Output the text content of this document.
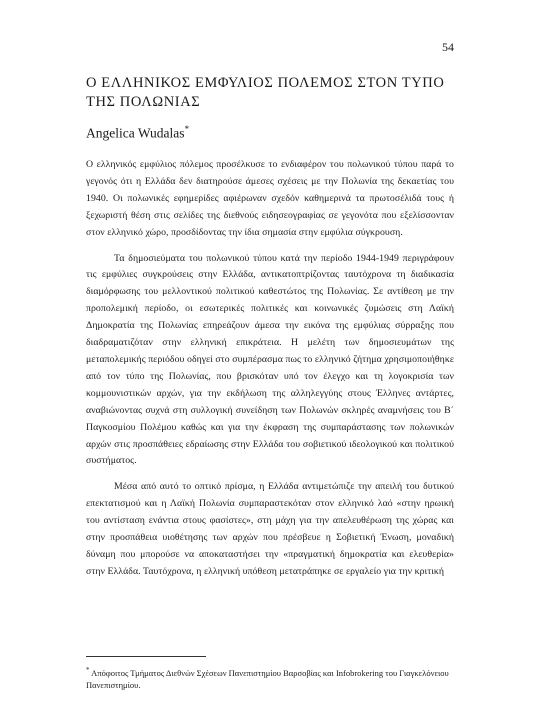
54
Ο ΕΛΛΗΝΙΚΟΣ ΕΜΦΥΛΙΟΣ ΠΟΛΕΜΟΣ ΣΤΟΝ ΤΥΠΟ ΤΗΣ ΠΟΛΩΝΙΑΣ
Angelica Wudalas*

Ο ελληνικός εμφύλιος πόλεμος προσέλκυσε το ενδιαφέρον του πολωνικού τύπου παρά το γεγονός ότι η Ελλάδα δεν διατηρούσε άμεσες σχέσεις με την Πολωνία της δεκαετίας του 1940. Οι πολωνικές εφημερίδες αφιέρωναν σχεδόν καθημερινά τα πρωτοσέλιδά τους ή ξεχωριστή θέση στις σελίδες της διεθνούς ειδησεογραφίας σε γεγονότα που εξελίσσονταν στον ελληνικό χώρο, προσδίδοντας την ίδια σημασία στην εμφύλια σύγκρουση.

Τα δημοσιεύματα του πολωνικού τύπου κατά την περίοδο 1944-1949 περιγράφουν τις εμφύλιες συγκρούσεις στην Ελλάδα, αντικατοπτρίζοντας ταυτόχρονα τη διαδικασία διαμόρφωσης του μελλοντικού πολιτικού καθεστώτος της Πολωνίας. Σε αντίθεση με την προπολεμική περίοδο, οι εσωτερικές πολιτικές και κοινωνικές ζυμώσεις στη Λαϊκή Δημοκρατία της Πολωνίας επηρεάζουν άμεσα την εικόνα της εμφύλιας σύρραξης που διαδραματιζόταν στην ελληνική επικράτεια. Η μελέτη των δημοσιευμάτων της μεταπολεμικής περιόδου οδηγεί στο συμπέρασμα πως το ελληνικό ζήτημα χρησιμοποιήθηκε από τον τύπο της Πολωνίας, που βρισκόταν υπό τον έλεγχο και τη λογοκρισία των κομμουνιστικών αρχών, για την εκδήλωση της αλληλεγγύης στους Έλληνες αντάρτες, αναβιώνοντας συχνά στη συλλογική συνείδηση των Πολωνών σκληρές αναμνήσεις του Β΄ Παγκοσμίου Πολέμου καθώς και για την έκφραση της συμπαράστασης των πολωνικών αρχών στις προσπάθειες εδραίωσης στην Ελλάδα του σοβιετικού ιδεολογικού και πολιτικού συστήματος.

Μέσα από αυτό το οπτικό πρίσμα, η Ελλάδα αντιμετώπιζε την απειλή του δυτικού επεκτατισμού και η Λαϊκή Πολωνία συμπαραστεκόταν στον ελληνικό λαό «στην ηρωική του αντίσταση ενάντια στους φασίστες», στη μάχη για την απελευθέρωση της χώρας και στην προσπάθεια υιοθέτησης των αρχών που πρέσβευε η Σοβιετική Ένωση, μοναδική δύναμη που μπορούσε να αποκαταστήσει την «πραγματική δημοκρατία και ελευθερία» στην Ελλάδα. Ταυτόχρονα, η ελληνική υπόθεση μετατράπηκε σε εργαλείο για την κριτική

* Απόφοιτος Τμήματος Διεθνών Σχέσεων Πανεπιστημίου Βαρσοβίας και Infobrokering του Γιαγκελόνειου Πανεπιστημίου.
